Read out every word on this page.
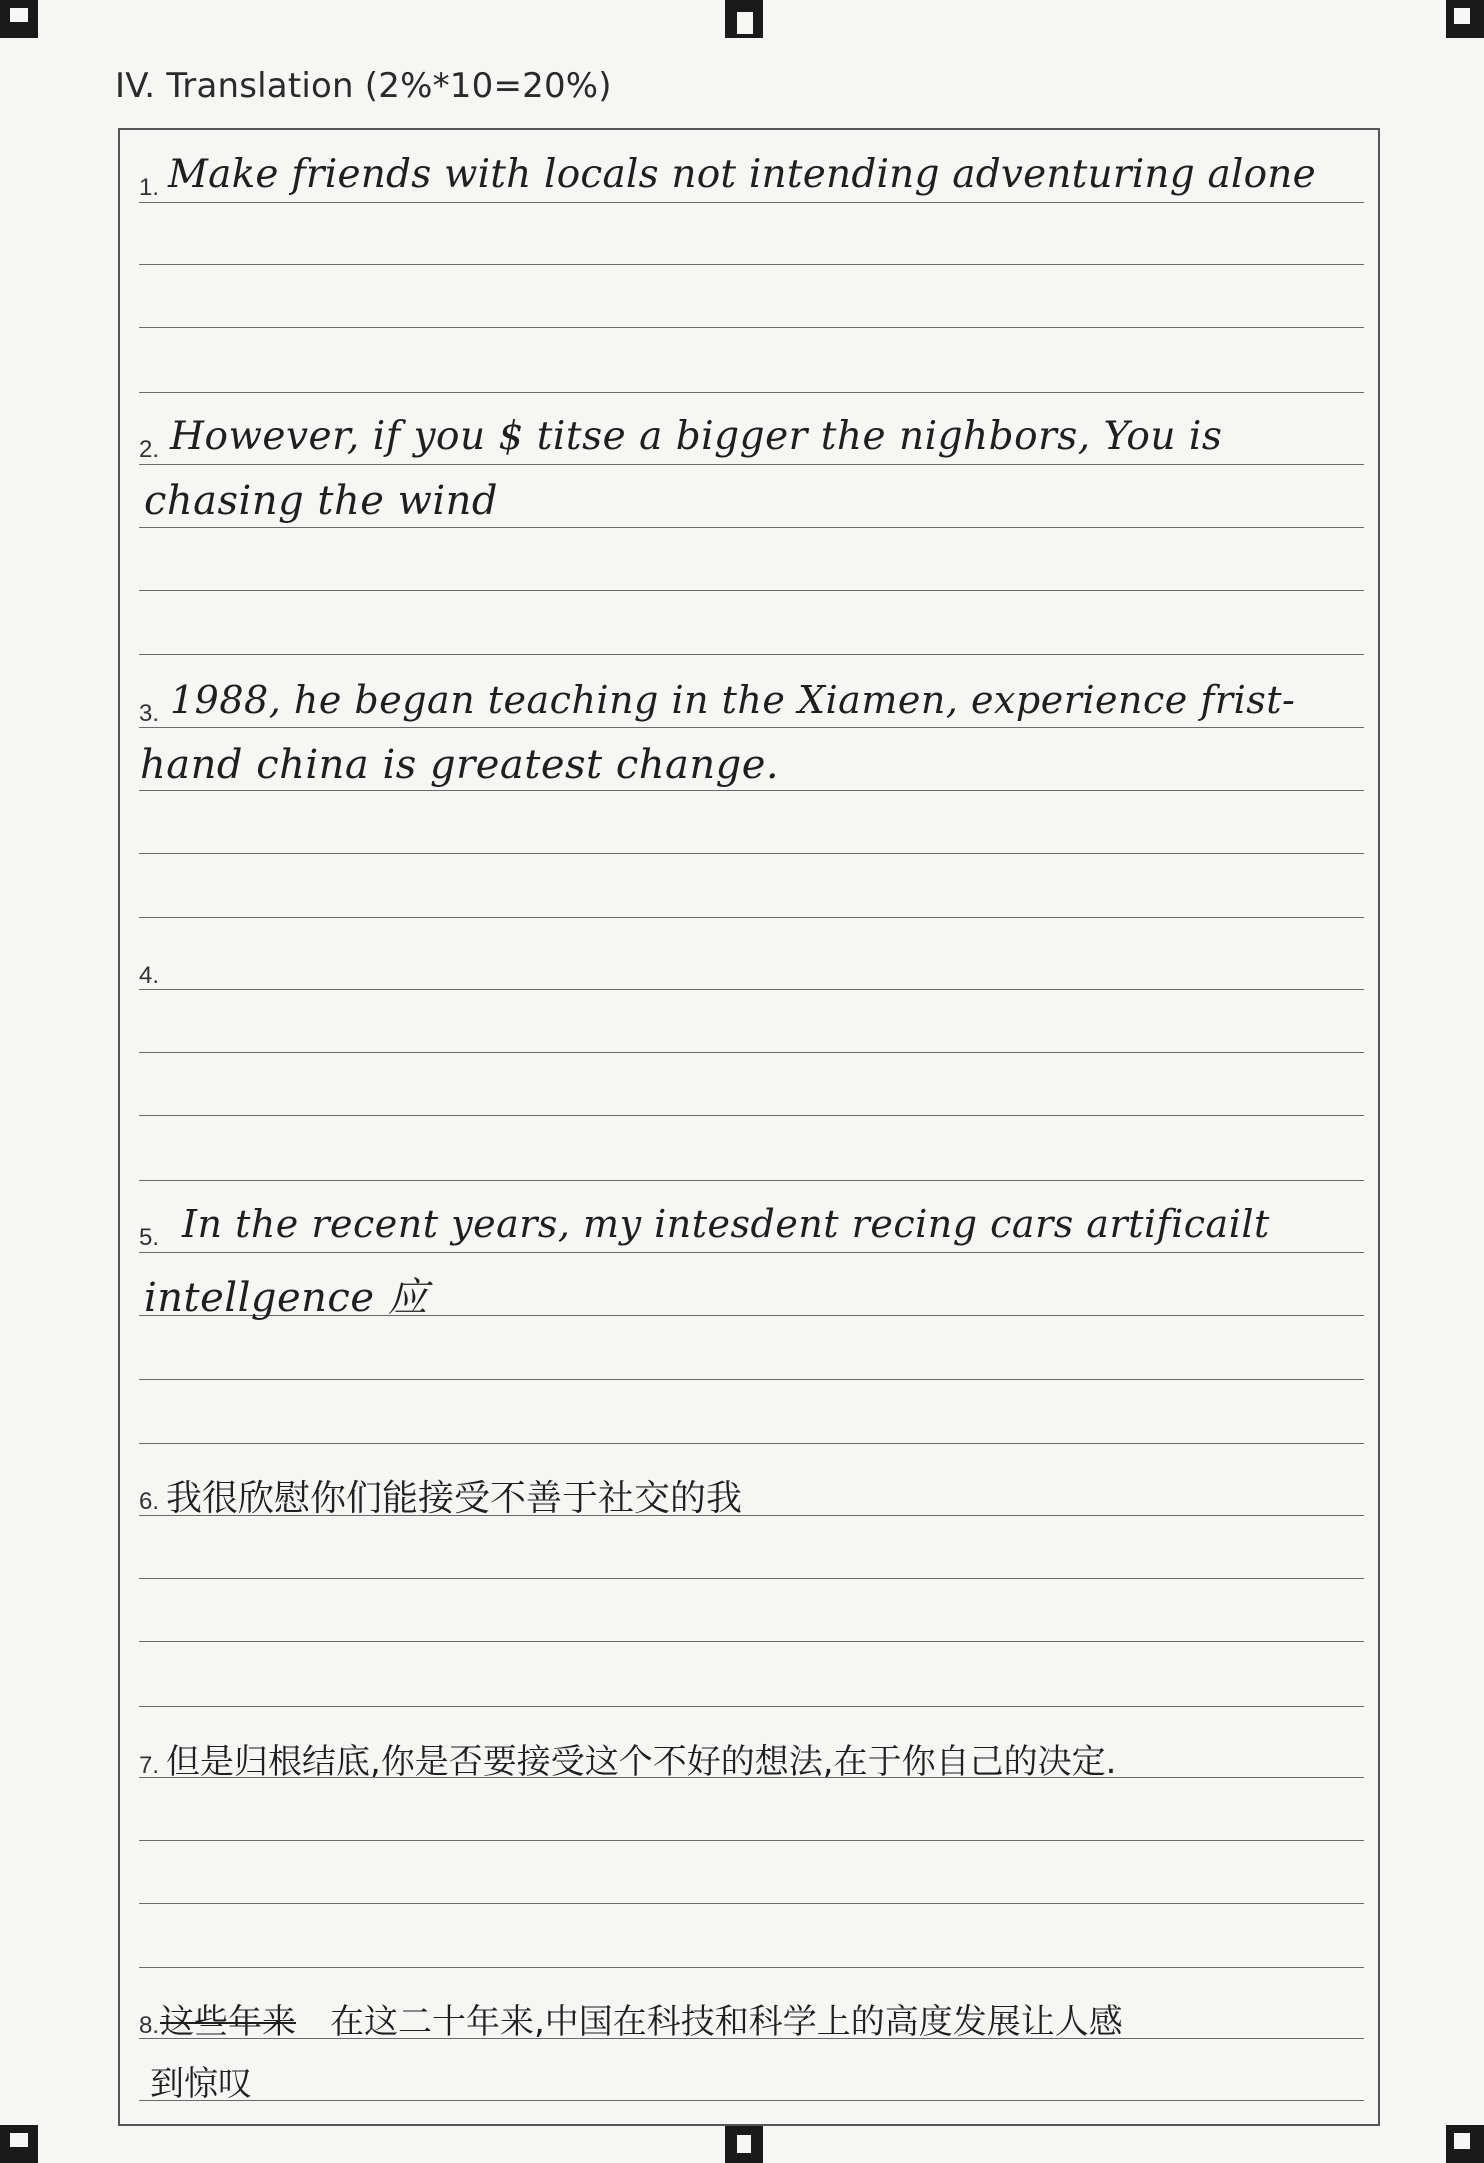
IV. Translation (2%*10=20%)
1. Make friends with locals not intending adventuring alone
2. However, if you $ titse a bigger the nighbors, You is
chasing the wind
3. 1988, he began teaching in the Xiamen, experience frist-
hand china is greatest change.
4.
5. In the recent years, my intesdent recing cars artificailt
intellgence 应
6. 我很欣慰你们能接受不善于社交的我
7. 但是归根结底,你是否要接受这个不好的想法,在于你自己的决定.
8. 这些年来 在这二十年来,中国在科技和科学上的高度发展让人感
到惊叹
